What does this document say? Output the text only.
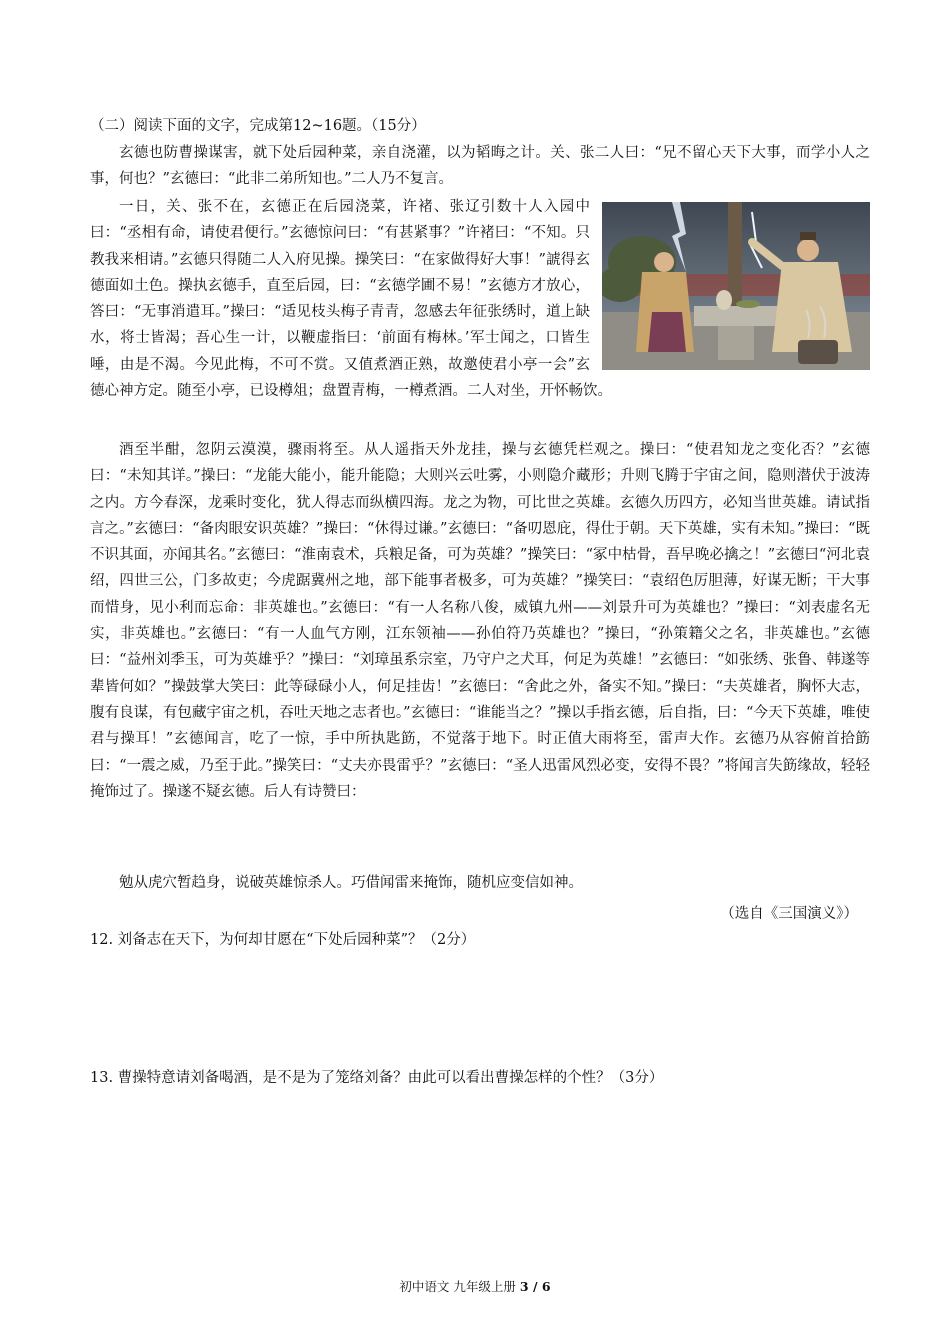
（二）阅读下面的文字，完成第12~16题。（15分）
玄德也防曹操谋害，就下处后园种菜，亲自浇灌，以为韬晦之计。关、张二人曰：“兄不留心天下大事，而学小人之事，何也？”玄德曰：“此非二弟所知也。”二人乃不复言。

一日，关、张不在，玄德正在后园浇菜，许褚、张辽引数十人入园中曰：“丞相有命，请使君便行。”玄德惊问曰：“有甚紧事？”许褚曰：“不知。只教我来相请。”玄德只得随二人入府见操。操笑曰：“在家做得好大事！”諕得玄德面如土色。操执玄德手，直至后园，曰：“玄德学圃不易！”玄德方才放心，答曰：“无事消遣耳。”操曰：“适见枝头梅子青青，忽感去年征张绣时，道上缺水，将士皆渴；吾心生一计，以鞭虚指曰：‘前面有梅林。’军士闻之，口皆生唾，由是不渴。今见此梅，不可不赏。又值煮酒正熟，故邀使君小亭一会”玄德心神方定。随至小亭，已设樽俎；盘置青梅，一樽煮酒。二人对坐，开怀畅饮。

酒至半酣，忽阴云漠漠，骤雨将至。从人遥指天外龙挂，操与玄德凭栏观之。操曰：“使君知龙之变化否？”玄德曰：“未知其详。”操曰：“龙能大能小，能升能隐；大则兴云吐雾，小则隐介藏形；升则飞腾于宇宙之间，隐则潜伏于波涛之内。方今春深，龙乘时变化，犹人得志而纵横四海。龙之为物，可比世之英雄。玄德久历四方，必知当世英雄。请试指言之。”玄德曰：“备肉眼安识英雄？”操曰：“休得过谦。”玄德曰：“备叨恩庇，得仕于朝。天下英雄，实有未知。”操曰：“既不识其面，亦闻其名。”玄德曰：“淮南袁术，兵粮足备，可为英雄？”操笑曰：“冢中枯骨，吾早晚必擒之！”玄德曰“河北袁绍，四世三公，门多故吏；今虎踞冀州之地，部下能事者极多，可为英雄？”操笑曰：“袁绍色厉胆薄，好谋无断；干大事而惜身，见小利而忘命：非英雄也。”玄德曰：“有一人名称八俊，威镇九州——刘景升可为英雄也？”操曰：“刘表虚名无实，非英雄也。”玄德曰：“有一人血气方刚，江东领袖——孙伯符乃英雄也？”操曰，“孙策籍父之名，非英雄也。”玄德曰：“益州刘季玉，可为英雄乎？”操曰：“刘璋虽系宗室，乃守户之犬耳，何足为英雄！”玄德曰：“如张绣、张鲁、韩遂等辈皆何如？”操鼓掌大笑曰：此等碌碌小人，何足挂齿！”玄德曰：“舍此之外，备实不知。”操曰：“夫英雄者，胸怀大志，腹有良谋，有包藏宇宙之机，吞吐天地之志者也。”玄德曰：“谁能当之？”操以手指玄德，后自指，曰：“今天下英雄，唯使君与操耳！”玄德闻言，吃了一惊，手中所执匙筯，不觉落于地下。时正值大雨将至，雷声大作。玄德乃从容俯首拾筯曰：“一震之威，乃至于此。”操笑曰：“丈夫亦畏雷乎？”玄德曰：“圣人迅雷风烈必变，安得不畏？”将闻言失筯缘故，轻轻掩饰过了。操遂不疑玄德。后人有诗赞曰：
勉从虎穴暂趋身，说破英雄惊杀人。巧借闻雷来掩饰，随机应变信如神。
（选自《三国演义》）
12. 刘备志在天下，为何却甘愿在“下处后园种菜”？（2分）
13. 曹操特意请刘备喝酒，是不是为了笼络刘备？由此可以看出曹操怎样的个性？（3分）
初中语文 九年级上册 3 / 6
